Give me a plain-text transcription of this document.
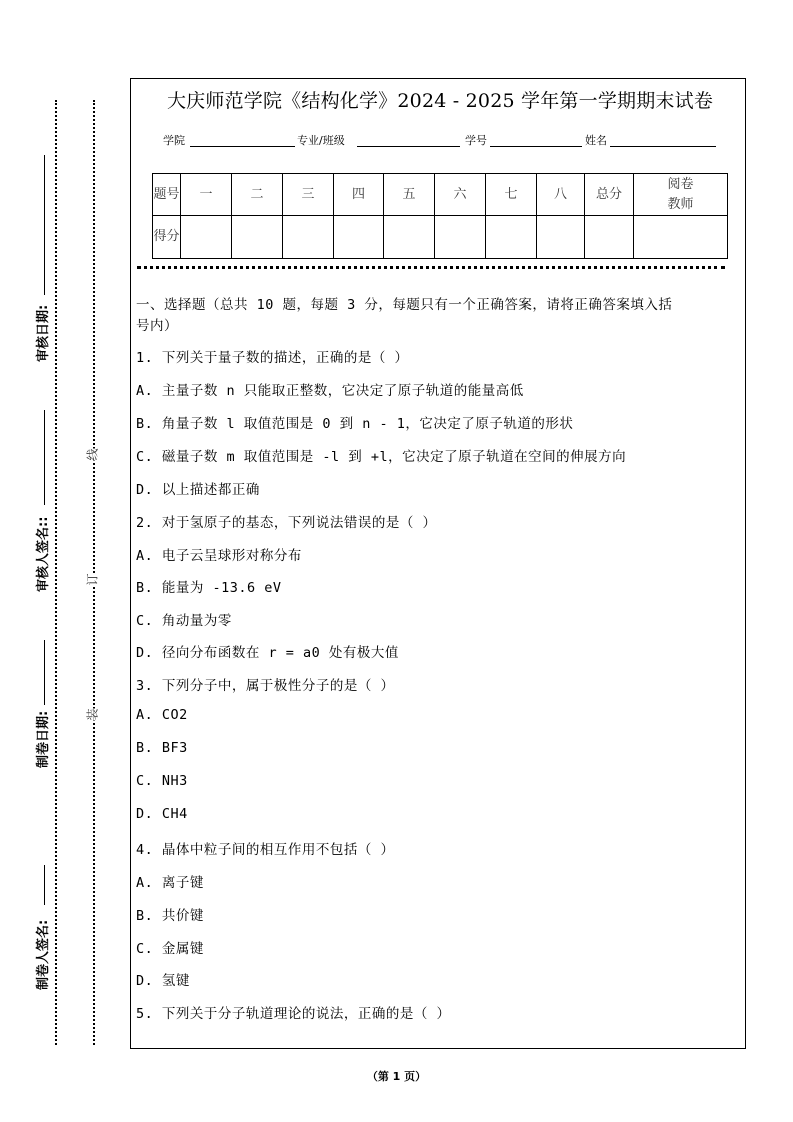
审核日期:
审核人签名::
制卷日期:
制卷人签名:
装
订
线
大庆师范学院《结构化学》2024 - 2025 学年第一学期期末试卷
学院	专业/班级	学号	姓名
题号	一	二	三	四	五	六	七	八	总分	阅卷教师
得分										
一、选择题（总共 10 题，每题 3 分，每题只有一个正确答案，请将正确答案填入括
号内）
1. 下列关于量子数的描述，正确的是（ ）
A. 主量子数 n 只能取正整数，它决定了原子轨道的能量高低
B. 角量子数 l 取值范围是 0 到 n - 1，它决定了原子轨道的形状
C. 磁量子数 m 取值范围是 -l 到 +l，它决定了原子轨道在空间的伸展方向
D. 以上描述都正确
2. 对于氢原子的基态，下列说法错误的是（ ）
A. 电子云呈球形对称分布
B. 能量为 -13.6 eV
C. 角动量为零
D. 径向分布函数在 r = a0 处有极大值
3. 下列分子中，属于极性分子的是（ ）
A. CO2
B. BF3
C. NH3
D. CH4
4. 晶体中粒子间的相互作用不包括（ ）
A. 离子键
B. 共价键
C. 金属键
D. 氢键
5. 下列关于分子轨道理论的说法，正确的是（ ）
（第 1 页）
